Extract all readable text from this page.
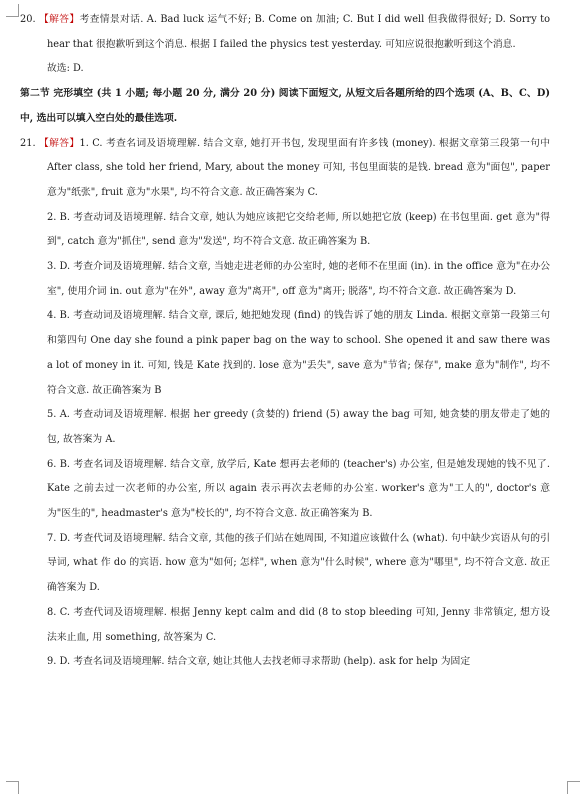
20. 【解答】考查情景对话. A. Bad luck 运气不好; B. Come on 加油; C. But I did well 但我做得很好; D. Sorry to hear that 很抱歉听到这个消息. 根据 I failed the physics test yesterday. 可知应说很抱歉听到这个消息.

故选: D.

第二节 完形填空 (共 1 小题; 每小题 20 分, 满分 20 分) 阅读下面短文, 从短文后各题所给的四个选项 (A、B、C、D) 中, 选出可以填入空白处的最佳选项.

21. 【解答】1. C. 考查名词及语境理解. 结合文章, 她打开书包, 发现里面有许多钱 (money). 根据文章第三段第一句中 After class, she told her friend, Mary, about the money 可知, 书包里面装的是钱. bread 意为"面包", paper 意为"纸张", fruit 意为"水果", 均不符合文意. 故正确答案为 C.

2. B. 考查动词及语境理解. 结合文章, 她认为她应该把它交给老师, 所以她把它放 (keep) 在书包里面. get 意为"得到", catch 意为"抓住", send 意为"发送", 均不符合文意. 故正确答案为 B.

3. D. 考查介词及语境理解. 结合文章, 当她走进老师的办公室时, 她的老师不在里面 (in). in the office 意为"在办公室", 使用介词 in. out 意为"在外", away 意为"离开", off 意为"离开; 脱落", 均不符合文意. 故正确答案为 D.

4. B. 考查动词及语境理解. 结合文章, 课后, 她把她发现 (find) 的钱告诉了她的朋友 Linda. 根据文章第一段第三句和第四句 One day she found a pink paper bag on the way to school. She opened it and saw there was a lot of money in it. 可知, 钱是 Kate 找到的. lose 意为"丢失", save 意为"节省; 保存", make 意为"制作", 均不符合文意. 故正确答案为 B

5. A. 考查动词及语境理解. 根据 her greedy (贪婪的) friend (5) away the bag 可知, 她贪婪的朋友带走了她的包, 故答案为 A.

6. B. 考查名词及语境理解. 结合文章, 放学后, Kate 想再去老师的 (teacher's) 办公室, 但是她发现她的钱不见了. Kate 之前去过一次老师的办公室, 所以 again 表示再次去老师的办公室. worker's 意为"工人的", doctor's 意为"医生的", headmaster's 意为"校长的", 均不符合文意. 故正确答案为 B.

7. D. 考查代词及语境理解. 结合文章, 其他的孩子们站在她周围, 不知道应该做什么 (what). 句中缺少宾语从句的引导词, what 作 do 的宾语. how 意为"如何; 怎样", when 意为"什么时候", where 意为"哪里", 均不符合文意. 故正确答案为 D.

8. C. 考查代词及语境理解. 根据 Jenny kept calm and did (8 to stop bleeding 可知, Jenny 非常镇定, 想方设法来止血, 用 something, 故答案为 C.

9. D. 考查名词及语境理解. 结合文章, 她让其他人去找老师寻求帮助 (help). ask for help 为固定
